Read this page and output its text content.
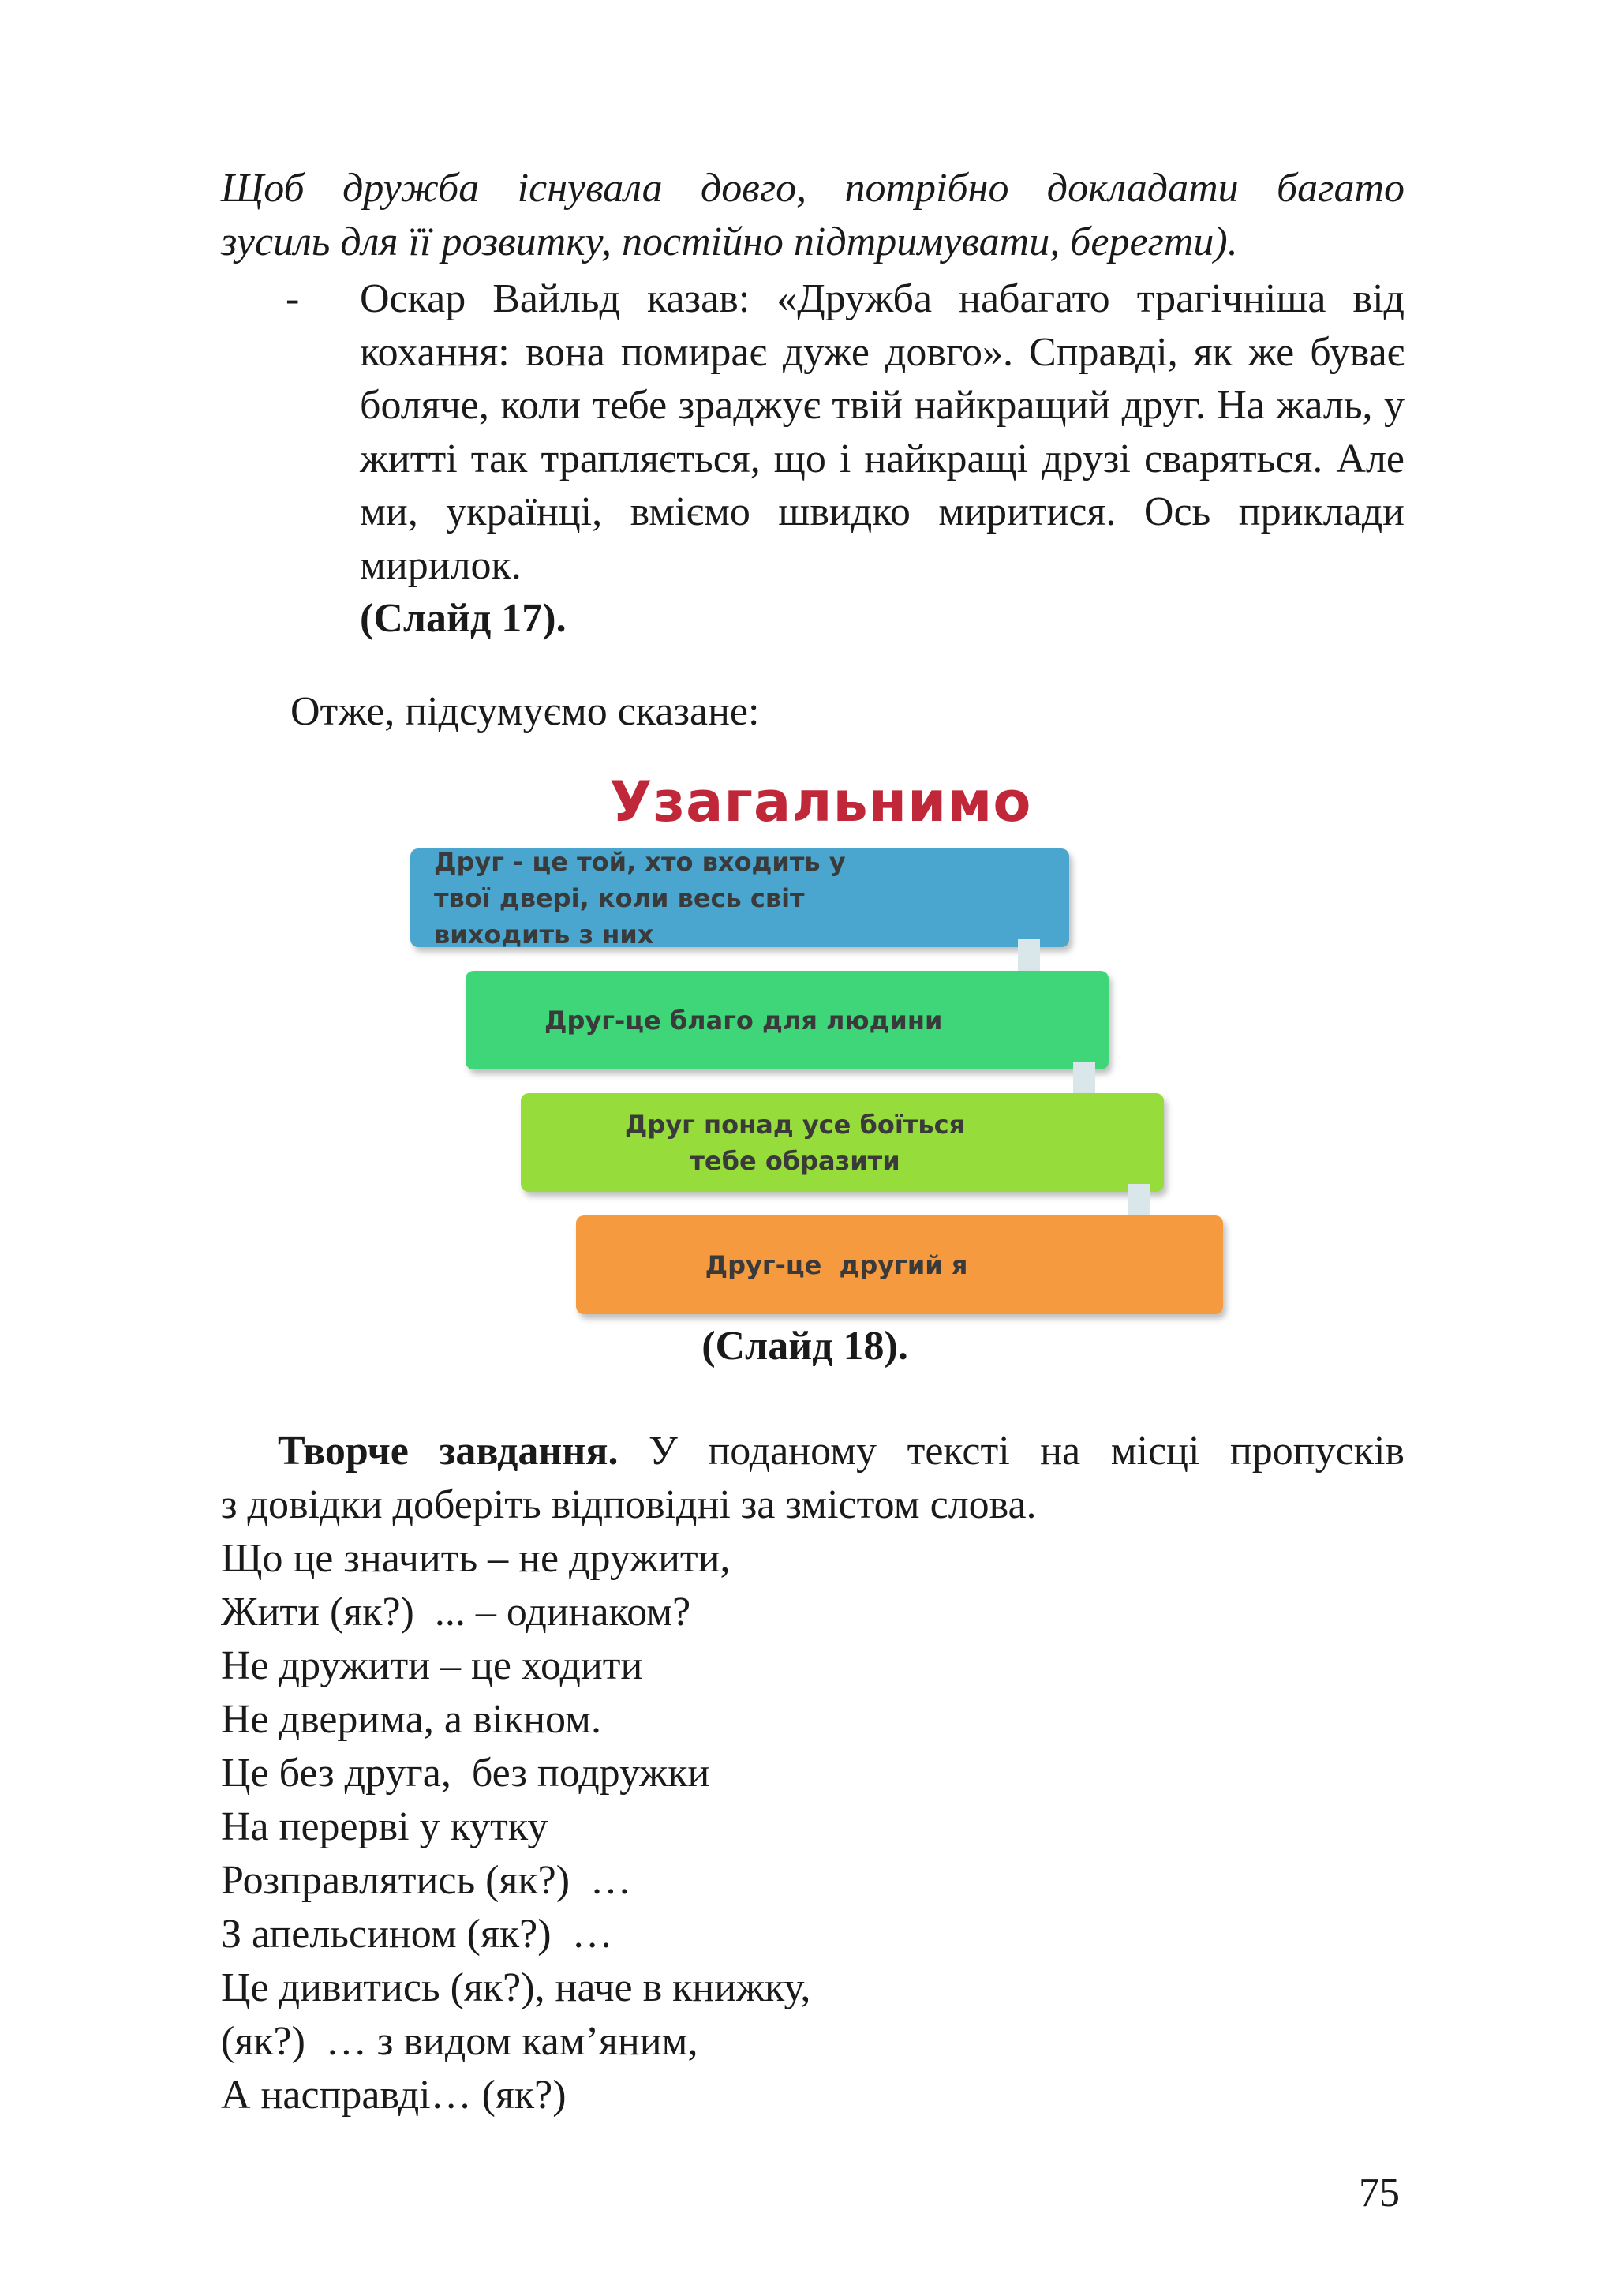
Щоб дружба існувала довго, потрібно докладати багато
зусиль для її розвитку, постійно підтримувати, берегти).
- Оскар Вайльд казав: «Дружба набагато трагічніша від кохання: вона помирає дуже довго». Справді, як же буває боляче, коли тебе зраджує твій найкращий друг. На жаль, у житті так трапляється, що і найкращі друзі сваряться. Але ми, українці, вміємо швидко миритися. Ось приклади мирилок.
(Слайд 17).
Отже, підсумуємо сказане:
Узагальнимо
Друг - це той, хто входить у твої двері, коли весь світ виходить з них
Друг-це благо для людини
Друг понад усе боїться тебе образити
Друг-це  другий я
(Слайд 18).
Творче завдання. У поданому тексті на місці пропусків
з довідки доберіть відповідні за змістом слова.
Що це значить – не дружити,
Жити (як?)  ... – одинаком?
Не дружити – це ходити
Не дверима, а вікном.
Це без друга,  без подружки
На перерві у кутку
Розправлятись (як?)  …
З апельсином (як?)  …
Це дивитись (як?), наче в книжку,
(як?)  … з видом кам’яним,
А насправді… (як?)
75
